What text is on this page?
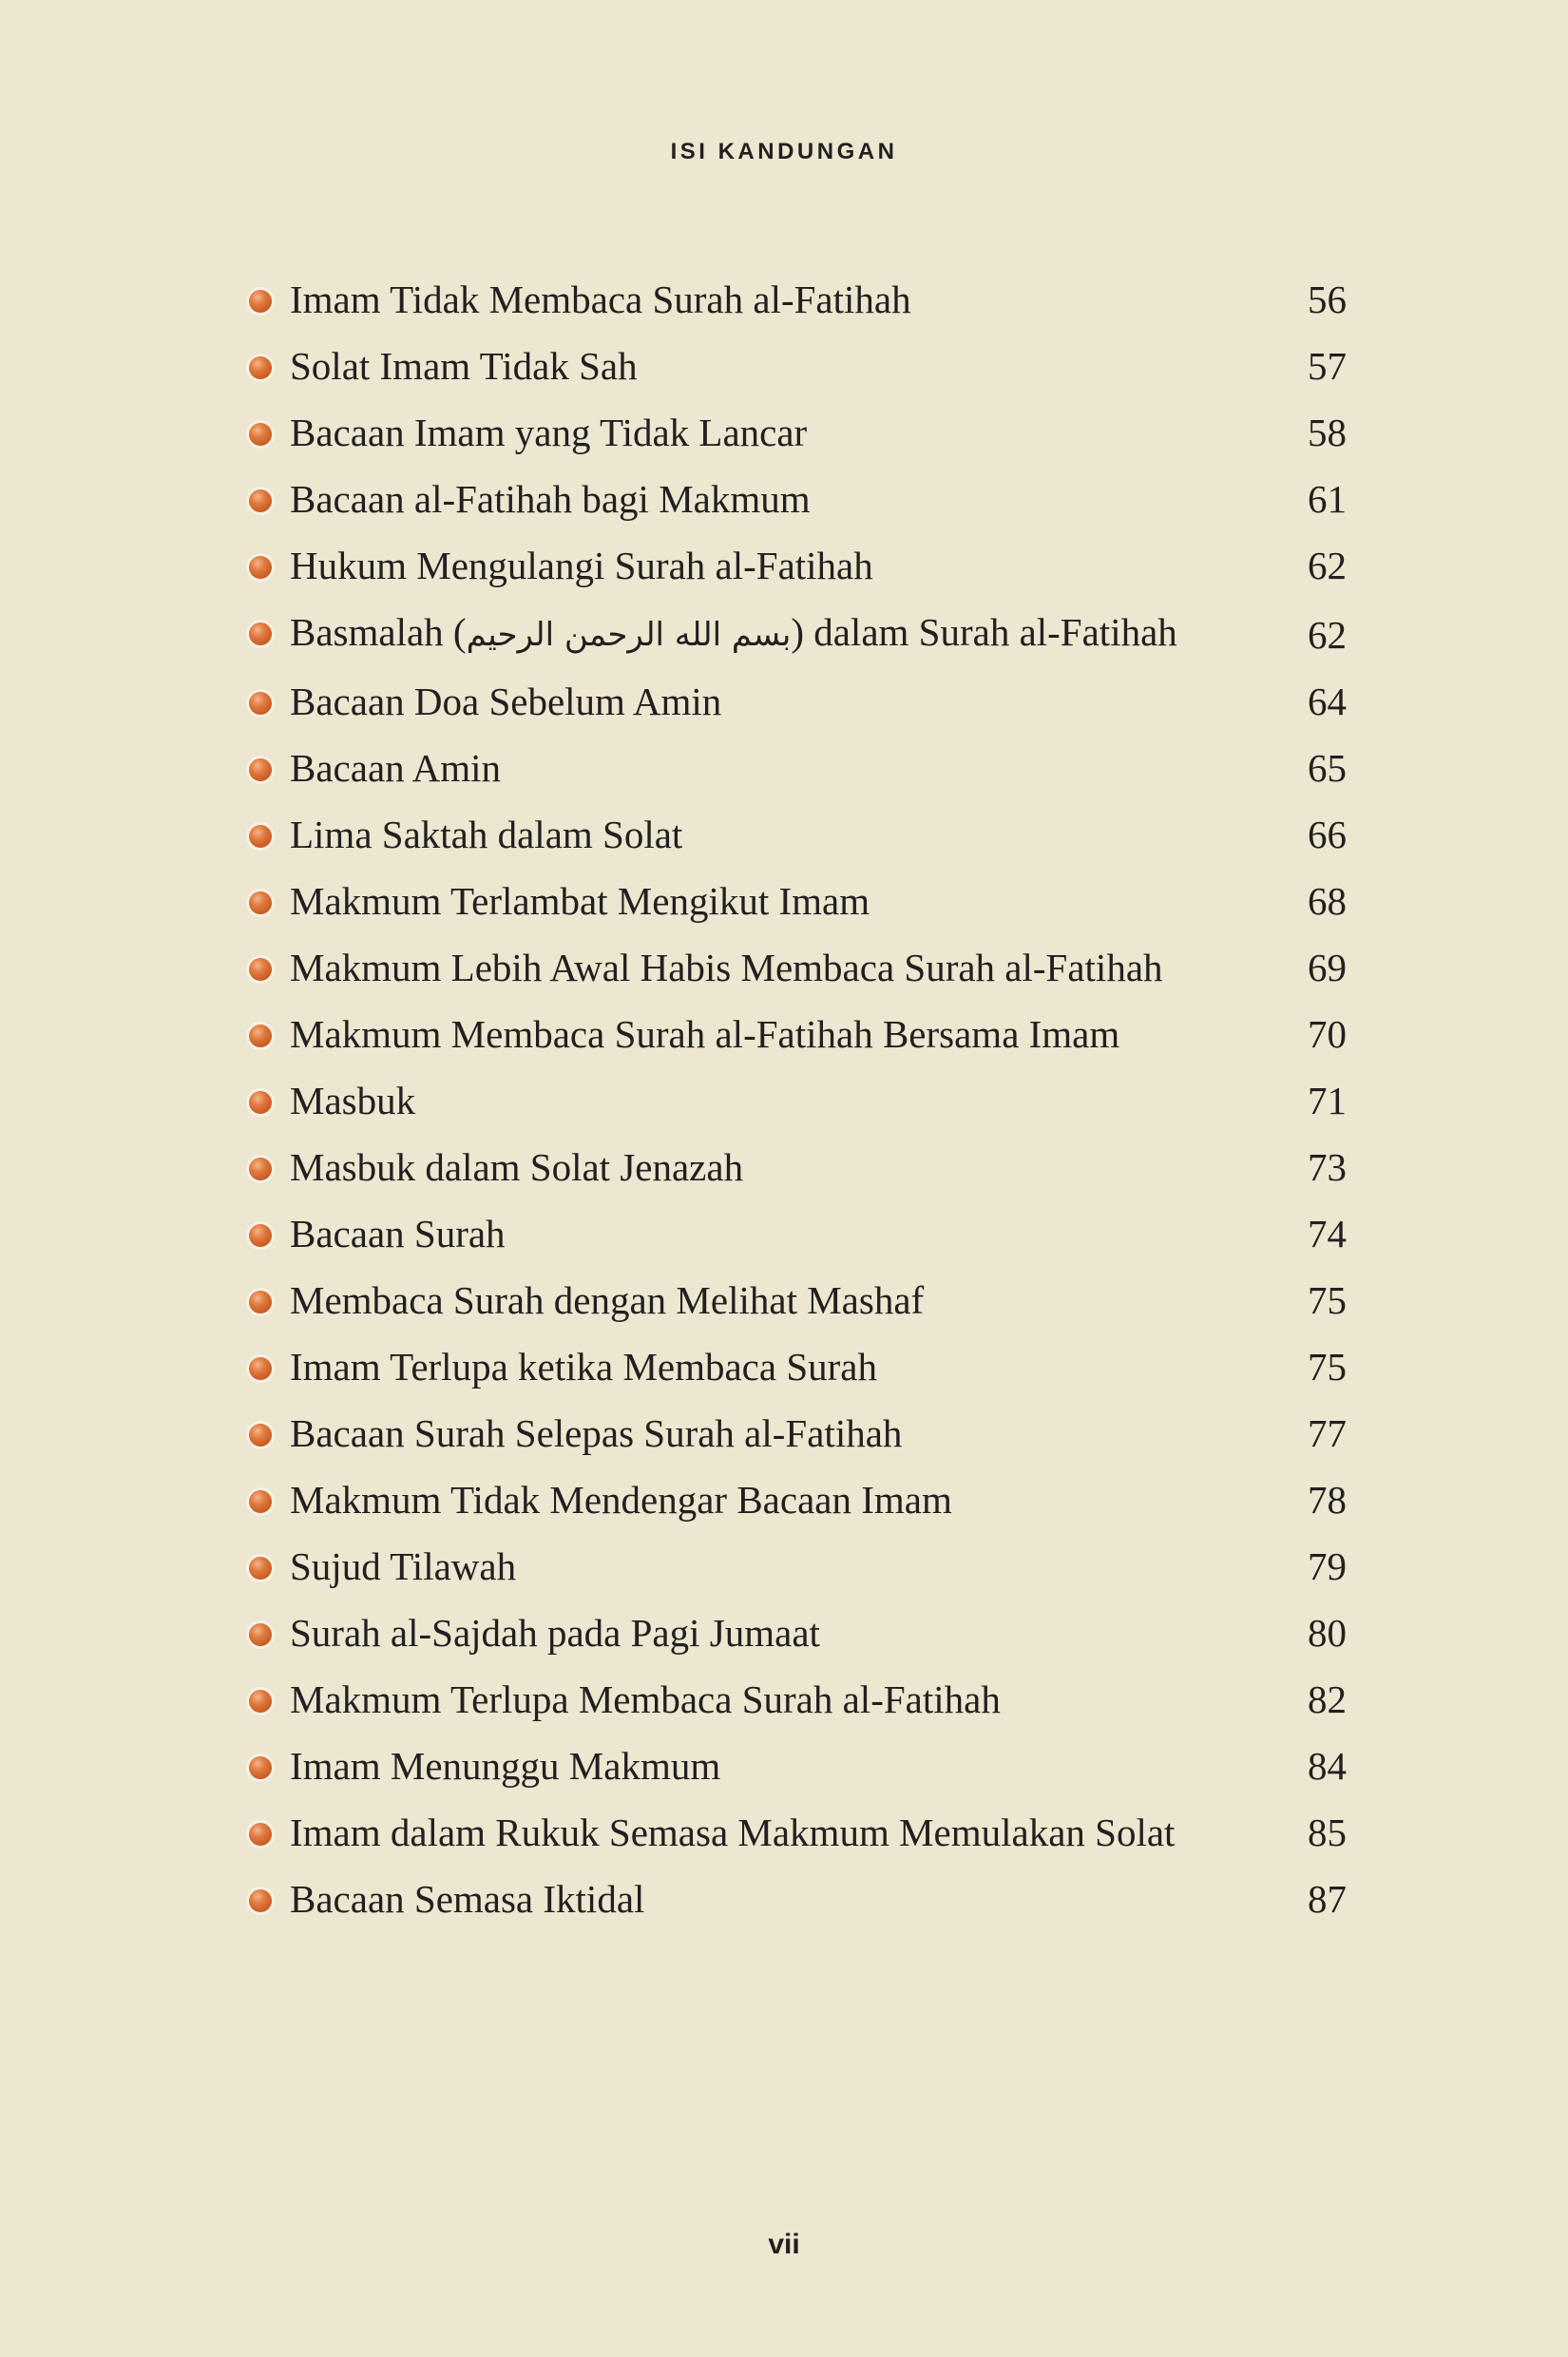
ISI KANDUNGAN
Imam Tidak Membaca Surah al-Fatihah	56
Solat Imam Tidak Sah	57
Bacaan Imam yang Tidak Lancar	58
Bacaan al-Fatihah bagi Makmum	61
Hukum Mengulangi Surah al-Fatihah	62
Basmalah (بسم الله الرحمن الرحيم) dalam Surah al-Fatihah	62
Bacaan Doa Sebelum Amin	64
Bacaan Amin	65
Lima Saktah dalam Solat	66
Makmum Terlambat Mengikut Imam	68
Makmum Lebih Awal Habis Membaca Surah al-Fatihah	69
Makmum Membaca Surah al-Fatihah Bersama Imam	70
Masbuk	71
Masbuk dalam Solat Jenazah	73
Bacaan Surah	74
Membaca Surah dengan Melihat Mashaf	75
Imam Terlupa ketika Membaca Surah	75
Bacaan Surah Selepas Surah al-Fatihah	77
Makmum Tidak Mendengar Bacaan Imam	78
Sujud Tilawah	79
Surah al-Sajdah pada Pagi Jumaat	80
Makmum Terlupa Membaca Surah al-Fatihah	82
Imam Menunggu Makmum	84
Imam dalam Rukuk Semasa Makmum Memulakan Solat	85
Bacaan Semasa Iktidal	87
vii
